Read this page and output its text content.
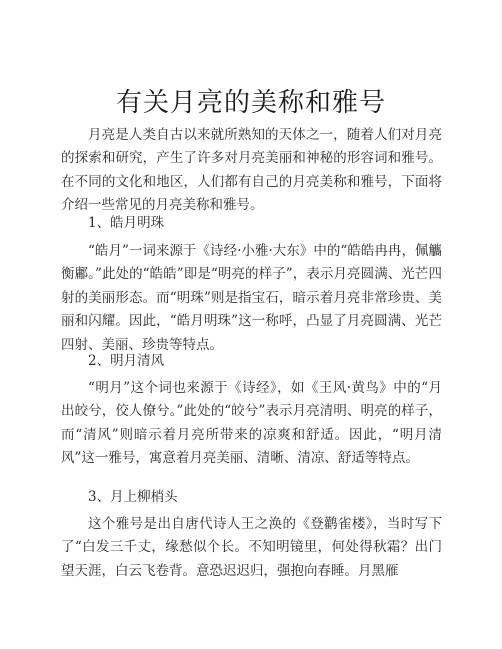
有关月亮的美称和雅号

月亮是人类自古以来就所熟知的天体之一，随着人们对月亮的探索和研究，产生了许多对月亮美丽和神秘的形容词和雅号。在不同的文化和地区，人们都有自己的月亮美称和雅号，下面将介绍一些常见的月亮美称和雅号。

1、皓月明珠

“皓月”一词来源于《诗经·小雅·大东》中的“皓皓冉冉，佩觿衡鄘。”此处的“皓皓”即是“明亮的样子”，表示月亮圆满、光芒四射的美丽形态。而“明珠”则是指宝石，暗示着月亮非常珍贵、美丽和闪耀。因此，“皓月明珠”这一称呼，凸显了月亮圆满、光芒四射、美丽、珍贵等特点。

2、明月清风

“明月”这个词也来源于《诗经》，如《王风·黄鸟》中的“月出皎兮，佼人僚兮。”此处的“皎兮”表示月亮清明、明亮的样子，而“清风”则暗示着月亮所带来的凉爽和舒适。因此，“明月清风”这一雅号，寓意着月亮美丽、清晰、清凉、舒适等特点。

3、月上柳梢头

这个雅号是出自唐代诗人王之涣的《登鹳雀楼》，当时写下了“白发三千丈，缘愁似个长。不知明镜里，何处得秋霜？出门望天涯，白云飞卷背。意恐迟迟归，强抱向春睡。月黑雁
